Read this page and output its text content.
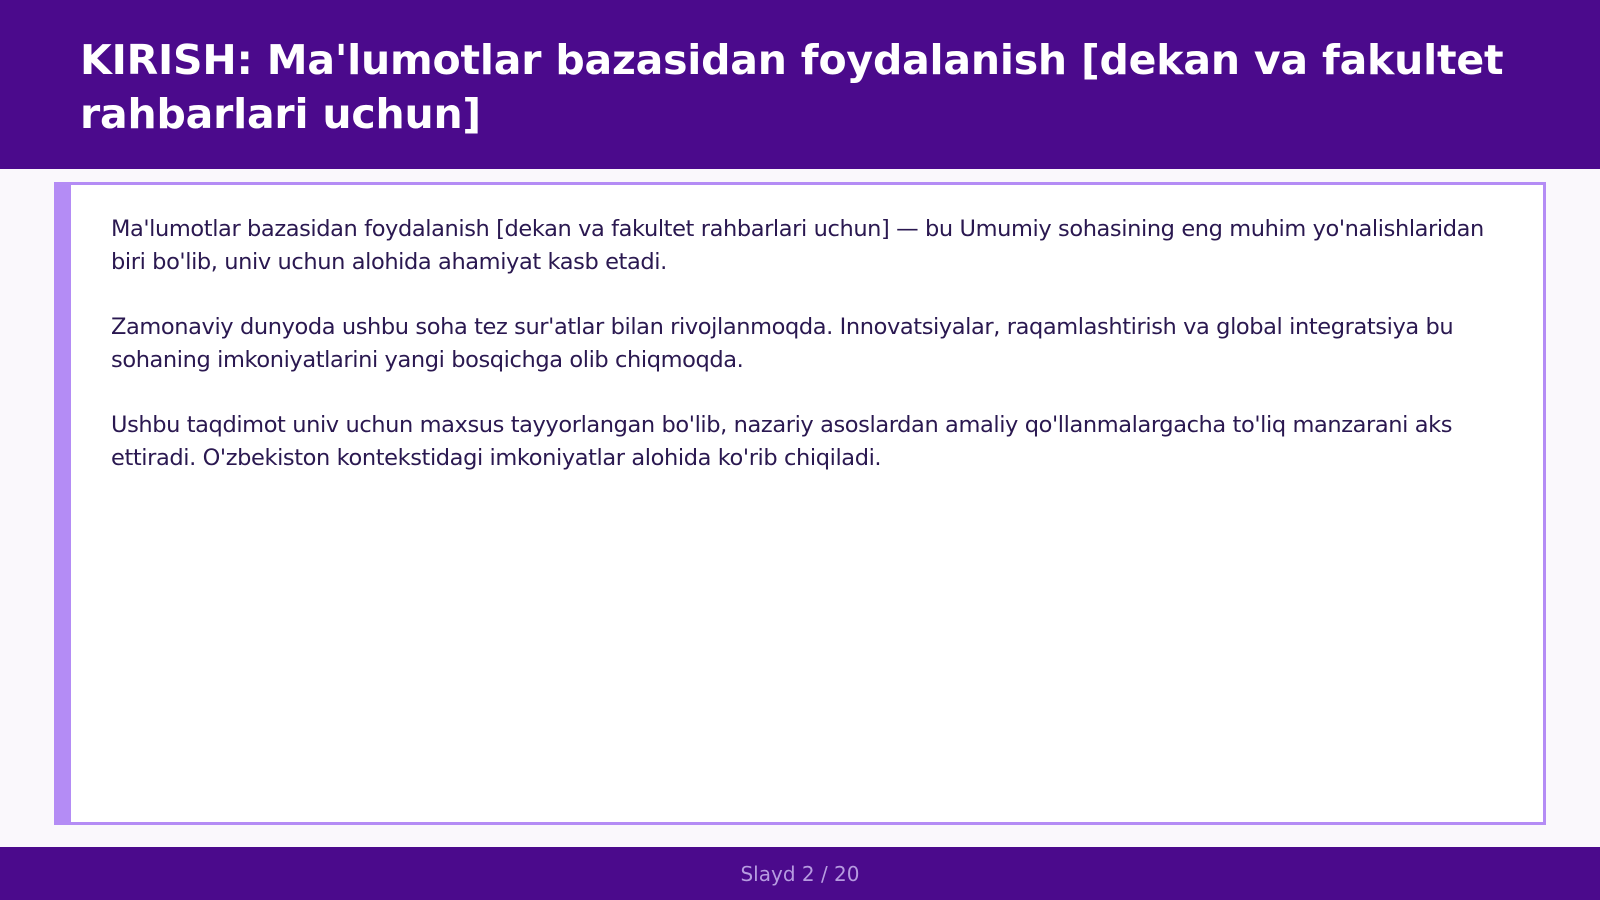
KIRISH: Ma'lumotlar bazasidan foydalanish [dekan va fakultet rahbarlari uchun]

Ma'lumotlar bazasidan foydalanish [dekan va fakultet rahbarlari uchun] — bu Umumiy sohasining eng muhim yo'nalishlaridan biri bo'lib, univ uchun alohida ahamiyat kasb etadi.

Zamonaviy dunyoda ushbu soha tez sur'atlar bilan rivojlanmoqda. Innovatsiyalar, raqamlashtirish va global integratsiya bu sohaning imkoniyatlarini yangi bosqichga olib chiqmoqda.

Ushbu taqdimot univ uchun maxsus tayyorlangan bo'lib, nazariy asoslardan amaliy qo'llanmalargacha to'liq manzarani aks ettiradi. O'zbekiston kontekstidagi imkoniyatlar alohida ko'rib chiqiladi.

Slayd 2 / 20
